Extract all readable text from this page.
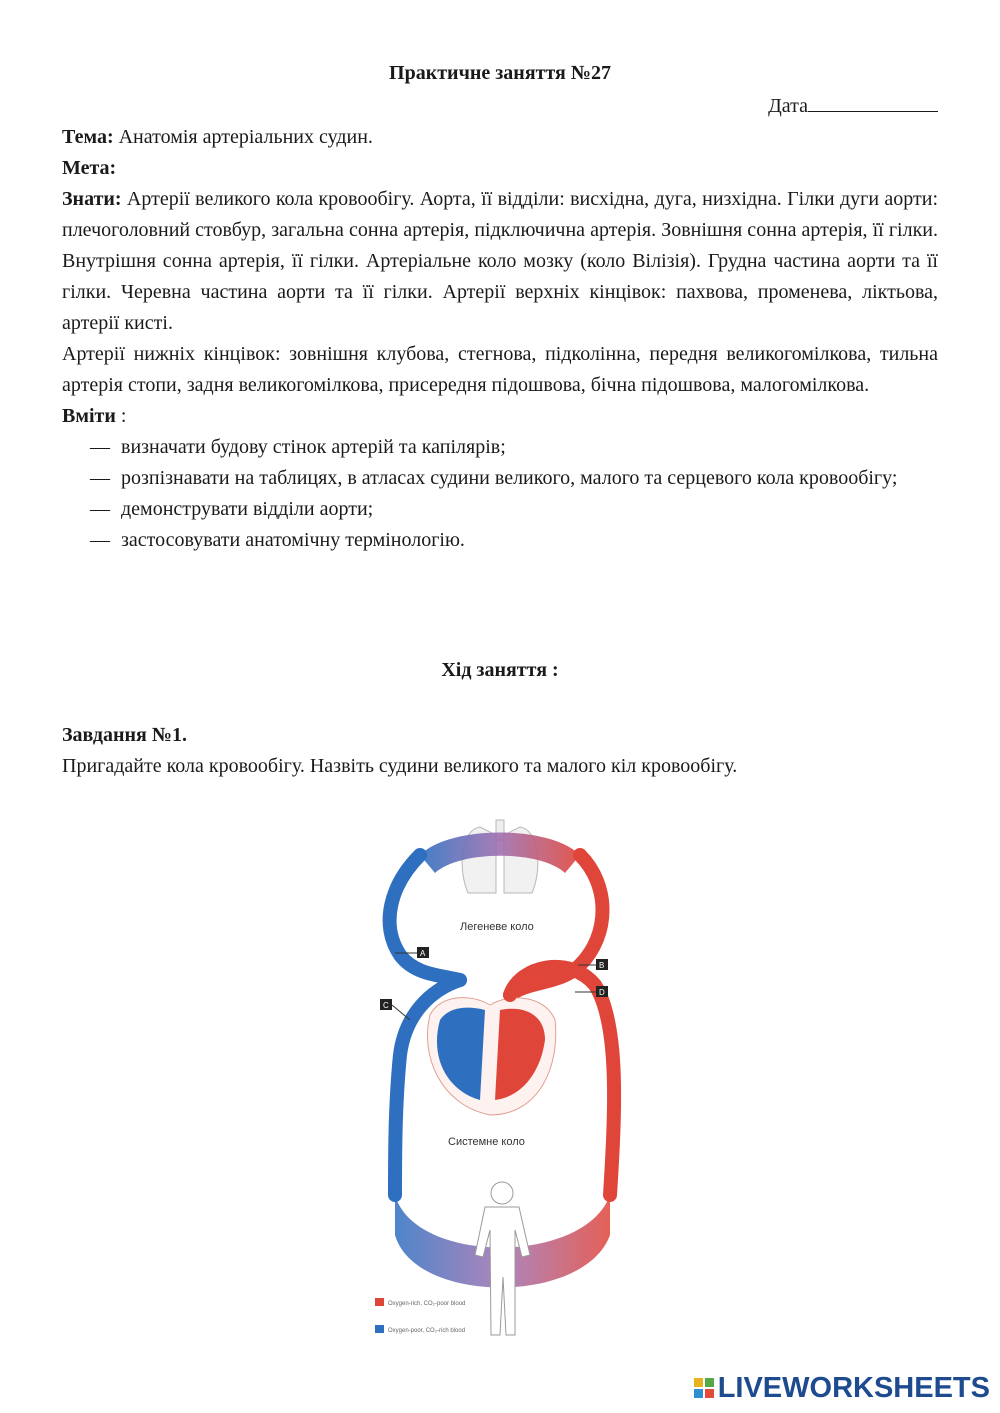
Практичне заняття №27
Дата

Тема: Анатомія артеріальних судин.

Мета:

Знати: Артерії великого кола кровообігу. Аорта, її відділи: висхідна, дуга, низхідна. Гілки дуги аорти: плечоголовний стовбур, загальна сонна артерія, підключична артерія. Зовнішня сонна артерія, її гілки. Внутрішня сонна артерія, її гілки. Артеріальне коло мозку (коло Вілізія). Грудна частина аорти та її гілки. Черевна частина аорти та її гілки. Артерії верхніх кінцівок: пахвова, променева, ліктьова, артерії кисті.

Артерії нижніх кінцівок: зовнішня клубова, стегнова, підколінна, передня великогомілкова, тильна артерія стопи, задня великогомілкова, присередня підошвова, бічна підошвова, малогомілкова.

Вміти :

— визначати будову стінок артерій та капілярів;
— розпізнавати на таблицях, в атласах судини великого, малого та серцевого кола кровообігу;
— демонструвати відділи аорти;
— застосовувати анатомічну термінологію.
Хід заняття :
Завдання №1.
Пригадайте кола кровообігу. Назвіть судини великого та малого кіл кровообігу.
Легеневе коло
Системне коло
A
B
C
D
Oxygen-rich, CO₂-poor blood
Oxygen-poor, CO₂-rich blood
LIVEWORKSHEETS
